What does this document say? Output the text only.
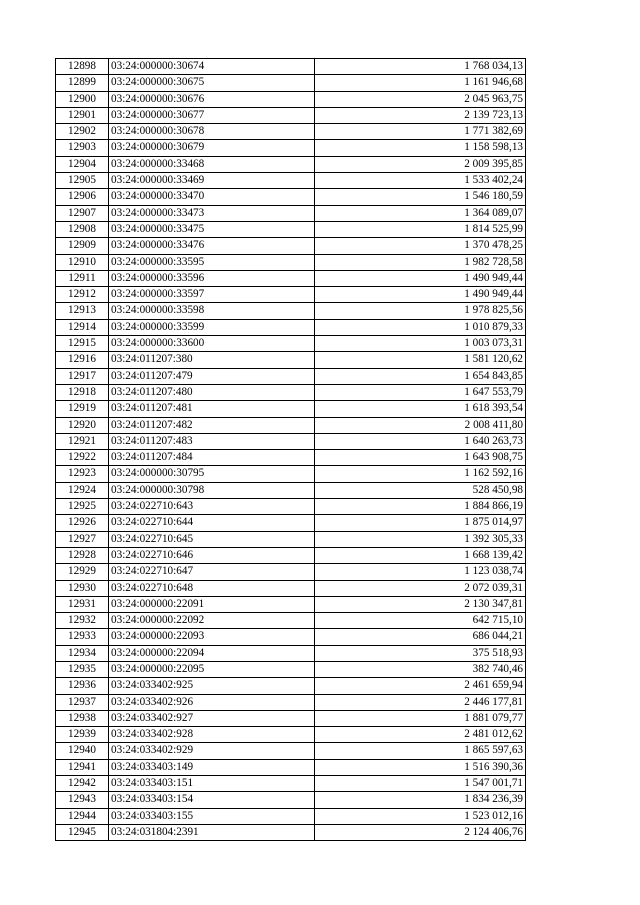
12898	03:24:000000:30674	1 768 034,13
12899	03:24:000000:30675	1 161 946,68
12900	03:24:000000:30676	2 045 963,75
12901	03:24:000000:30677	2 139 723,13
12902	03:24:000000:30678	1 771 382,69
12903	03:24:000000:30679	1 158 598,13
12904	03:24:000000:33468	2 009 395,85
12905	03:24:000000:33469	1 533 402,24
12906	03:24:000000:33470	1 546 180,59
12907	03:24:000000:33473	1 364 089,07
12908	03:24:000000:33475	1 814 525,99
12909	03:24:000000:33476	1 370 478,25
12910	03:24:000000:33595	1 982 728,58
12911	03:24:000000:33596	1 490 949,44
12912	03:24:000000:33597	1 490 949,44
12913	03:24:000000:33598	1 978 825,56
12914	03:24:000000:33599	1 010 879,33
12915	03:24:000000:33600	1 003 073,31
12916	03:24:011207:380	1 581 120,62
12917	03:24:011207:479	1 654 843,85
12918	03:24:011207:480	1 647 553,79
12919	03:24:011207:481	1 618 393,54
12920	03:24:011207:482	2 008 411,80
12921	03:24:011207:483	1 640 263,73
12922	03:24:011207:484	1 643 908,75
12923	03:24:000000:30795	1 162 592,16
12924	03:24:000000:30798	528 450,98
12925	03:24:022710:643	1 884 866,19
12926	03:24:022710:644	1 875 014,97
12927	03:24:022710:645	1 392 305,33
12928	03:24:022710:646	1 668 139,42
12929	03:24:022710:647	1 123 038,74
12930	03:24:022710:648	2 072 039,31
12931	03:24:000000:22091	2 130 347,81
12932	03:24:000000:22092	642 715,10
12933	03:24:000000:22093	686 044,21
12934	03:24:000000:22094	375 518,93
12935	03:24:000000:22095	382 740,46
12936	03:24:033402:925	2 461 659,94
12937	03:24:033402:926	2 446 177,81
12938	03:24:033402:927	1 881 079,77
12939	03:24:033402:928	2 481 012,62
12940	03:24:033402:929	1 865 597,63
12941	03:24:033403:149	1 516 390,36
12942	03:24:033403:151	1 547 001,71
12943	03:24:033403:154	1 834 236,39
12944	03:24:033403:155	1 523 012,16
12945	03:24:031804:2391	2 124 406,76
